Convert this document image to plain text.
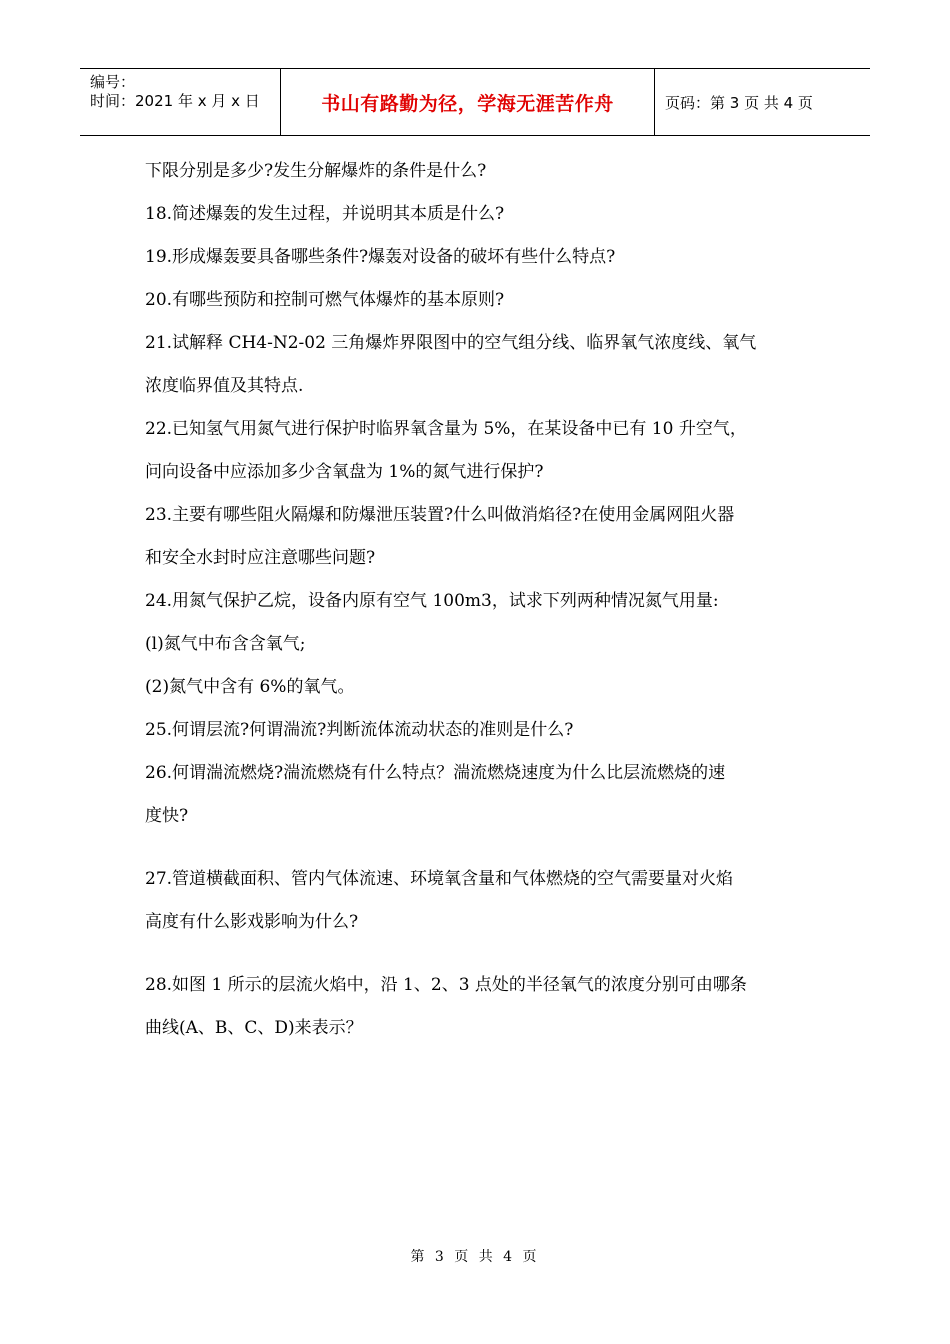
编号：
时间：2021 年 x 月 x 日	书山有路勤为径，学海无涯苦作舟	页码：第 3 页 共 4 页
下限分别是多少?发生分解爆炸的条件是什么?
18.简述爆轰的发生过程，并说明其本质是什么?
19.形成爆轰要具备哪些条件?爆轰对设备的破坏有些什么特点?
20.有哪些预防和控制可燃气体爆炸的基本原则?
21.试解释 CH4-N2-02 三角爆炸界限图中的空气组分线、临界氧气浓度线、氧气
浓度临界值及其特点.
22.已知氢气用氮气进行保护时临界氧含量为 5%，在某设备中已有 10 升空气，
问向设备中应添加多少含氧盘为 1%的氮气进行保护?
23.主要有哪些阻火隔爆和防爆泄压装置?什么叫做消焰径?在使用金属网阻火器
和安全水封时应注意哪些问题?
24.用氮气保护乙烷，设备内原有空气 100m3，试求下列两种情况氮气用量:
(l)氮气中布含含氧气;
(2)氮气中含有 6%的氧气。
25.何谓层流?何谓湍流?判断流体流动状态的准则是什么?
26.何谓湍流燃烧?湍流燃烧有什么特点？湍流燃烧速度为什么比层流燃烧的速
度快?
27.管道横截面积、管内气体流速、环境氧含量和气体燃烧的空气需要量对火焰
高度有什么影戏影响为什么?
28.如图 1 所示的层流火焰中，沿 1、2、3 点处的半径氧气的浓度分别可由哪条
曲线(A、B、C、D)来表示？
第 3 页 共 4 页
